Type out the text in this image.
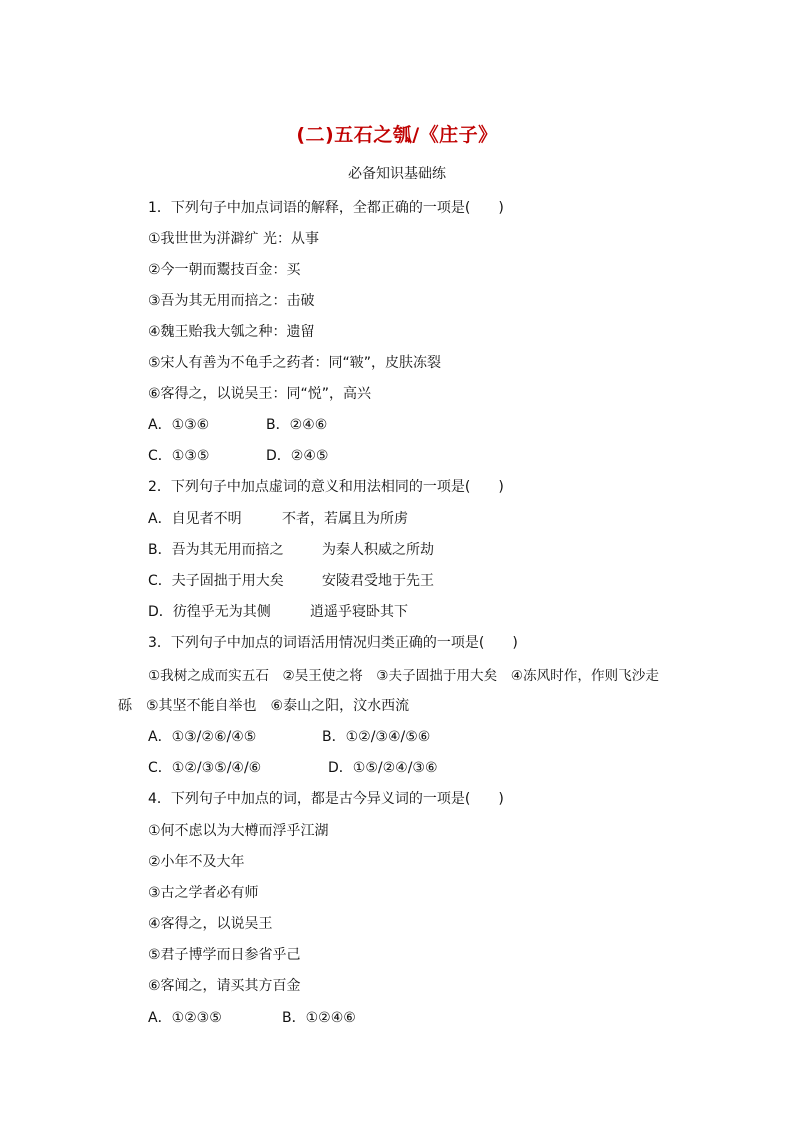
(二)五石之瓠/《庄子》
必备知识基础练
1．下列句子中加点词语的解释，全都正确的一项是(　　)
①我世世为洴澼纩 光：从事
②今一朝而鬻技百金：买
③吾为其无用而掊之：击破
④魏王贻我大瓠之种：遗留
⑤宋人有善为不龟手之药者：同“皲”，皮肤冻裂
⑥客得之，以说吴王：同“悦”，高兴
A．①③⑥	B．②④⑥
C．①③⑤	D．②④⑤
2．下列句子中加点虚词的意义和用法相同的一项是(　　)
A．自见者不明	不者，若属且为所虏
B．吾为其无用而掊之	为秦人积威之所劫
C．夫子固拙于用大矣	安陵君受地于先王
D．彷徨乎无为其侧	逍遥乎寝卧其下
3．下列句子中加点的词语活用情况归类正确的一项是(　　)
①我树之成而实五石　②吴王使之将　③夫子固拙于用大矣　④冻风时作，作则飞沙走
砾　⑤其坚不能自举也　⑥泰山之阳，汶水西流
A．①③/②⑥/④⑤	B．①②/③④/⑤⑥
C．①②/③⑤/④/⑥	D．①⑤/②④/③⑥
4．下列句子中加点的词，都是古今异义词的一项是(　　)
①何不虑以为大樽而浮乎江湖
②小年不及大年
③古之学者必有师
④客得之，以说吴王
⑤君子博学而日参省乎己
⑥客闻之，请买其方百金
A．①②③⑤	B．①②④⑥
